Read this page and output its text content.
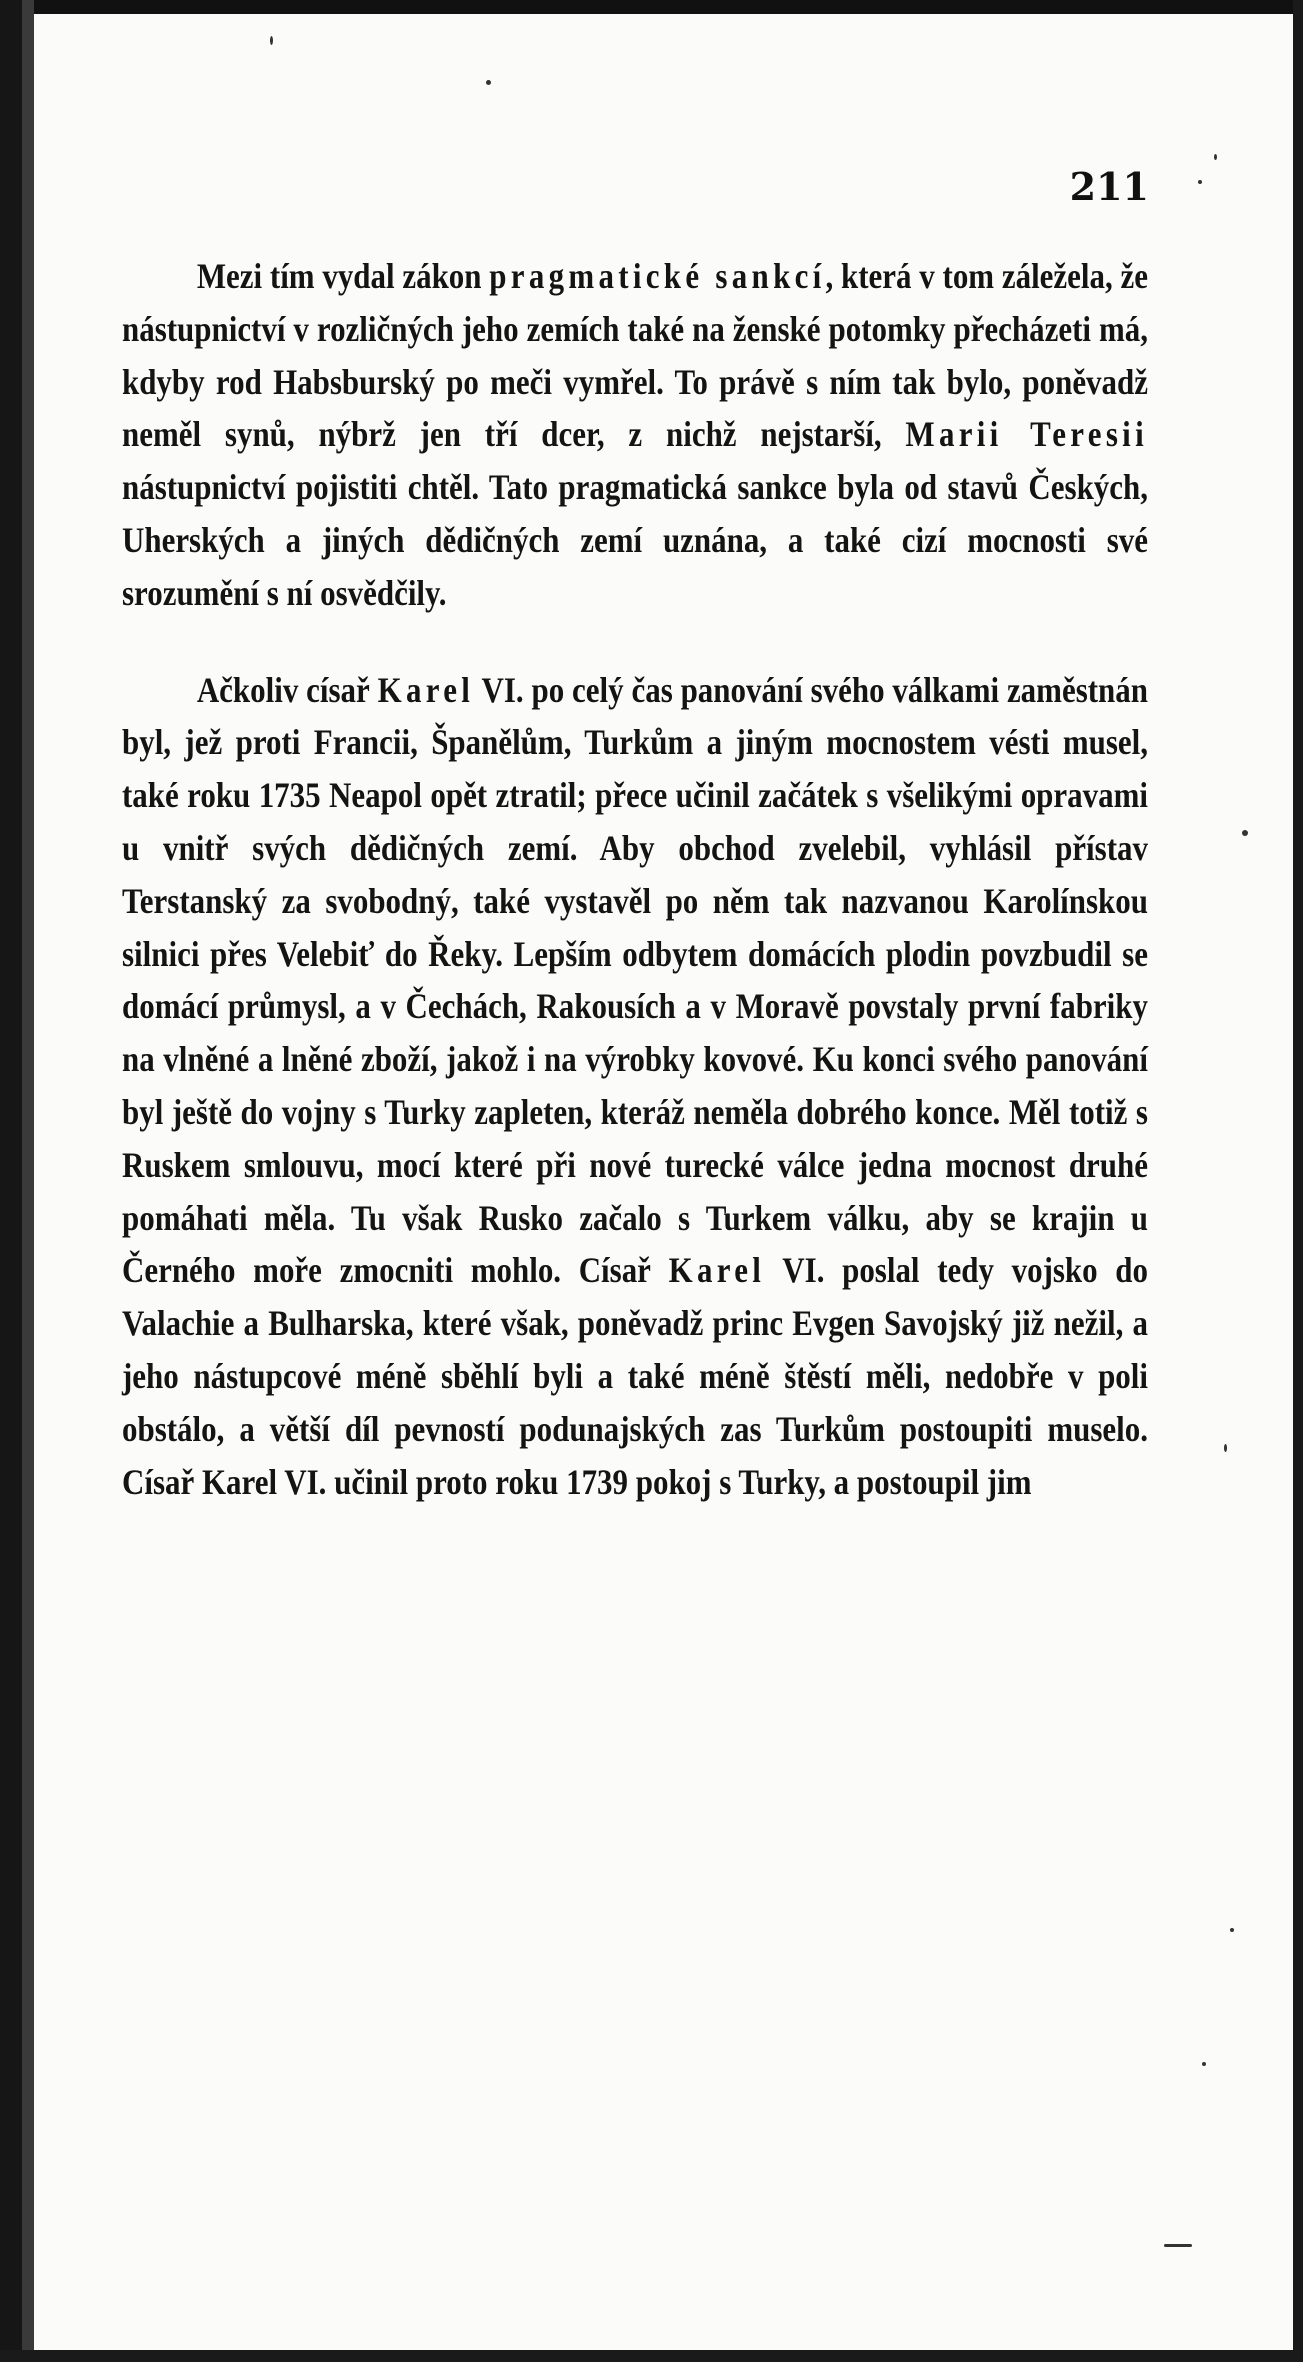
211

Mezi tím vydal zákon pragmatické sankcí, která v tom záležela, že nástupnictví v rozličných jeho zemích také na ženské potomky přecházeti má, kdyby rod Habsburský po meči vymřel. To právě s ním tak bylo, poněvadž neměl synů, nýbrž jen tří dcer, z nichž nejstarší, Marii Teresii nástupnictví pojistiti chtěl. Tato pragmatická sankce byla od stavů Českých, Uherských a jiných dědičných zemí uznána, a také cizí mocnosti své srozumění s ní osvědčily.

Ačkoliv císař Karel VI. po celý čas panování svého válkami zaměstnán byl, jež proti Francii, Španělům, Turkům a jiným mocnostem vésti musel, také roku 1735 Neapol opět ztratil; přece učinil začátek s všelikými opravami u vnitř svých dědičných zemí. Aby obchod zvelebil, vyhlásil přístav Terstanský za svobodný, také vystavěl po něm tak nazvanou Karolínskou silnici přes Velebiť do Řeky. Lepším odbytem domácích plodin povzbudil se domácí průmysl, a v Čechách, Rakousích a v Moravě povstaly první fabriky na vlněné a lněné zboží, jakož i na výrobky kovové. Ku konci svého panování byl ještě do vojny s Turky zapleten, kteráž neměla dobrého konce. Měl totiž s Ruskem smlouvu, mocí které při nové turecké válce jedna mocnost druhé pomáhati měla. Tu však Rusko začalo s Turkem válku, aby se krajin u Černého moře zmocniti mohlo. Císař Karel VI. poslal tedy vojsko do Valachie a Bulharska, které však, poněvadž princ Evgen Savojský již nežil, a jeho nástupcové méně sběhlí byli a také méně štěstí měli, nedobře v poli obstálo, a větší díl pevností podunajských zas Turkům postoupiti muselo. Císař Karel VI. učinil proto roku 1739 pokoj s Turky, a postoupil jim
